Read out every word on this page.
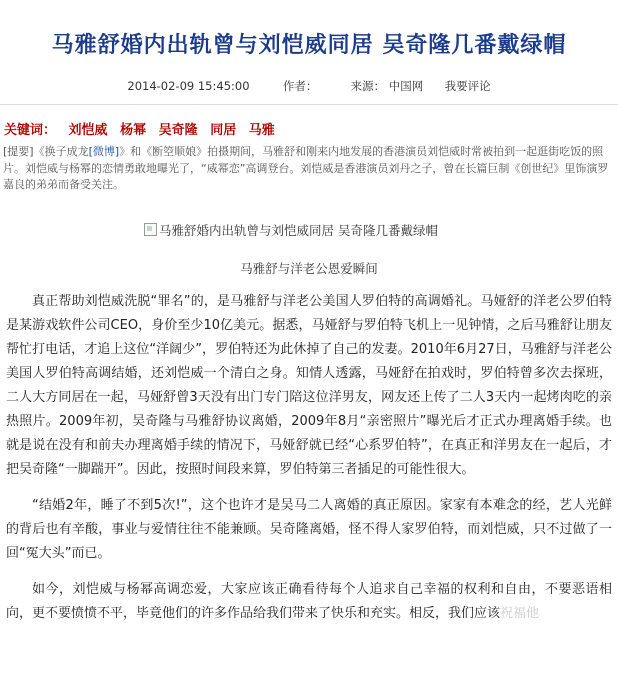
马雅舒婚内出轨曾与刘恺威同居 吴奇隆几番戴绿帽
2014-02-09 15:45:00	作者：	来源： 中国网 我要评论
关键词： 刘恺威 杨幂 吴奇隆 同居 马雅
[提要]《换子成龙[微博]》和《断箜顺娘》拍摄期间，马雅舒和刚来内地发展的香港演员刘恺威时常被拍到一起逛街吃饭的照片。刘恺威与杨幂的恋情勇敢地曝光了，“威幂恋”高调登台。刘恺威是香港演员刘丹之子，曾在长篇巨制《创世纪》里饰演罗嘉良的弟弟而备受关注。
马雅舒婚内出轨曾与刘恺威同居 吴奇隆几番戴绿帽
马雅舒与洋老公恩爱瞬间

真正帮助刘恺威洗脱“罪名”的，是马雅舒与洋老公美国人罗伯特的高调婚礼。马娅舒的洋老公罗伯特是某游戏软件公司CEO，身价至少10亿美元。据悉，马娅舒与罗伯特飞机上一见钟情，之后马雅舒让朋友帮忙打电话，才追上这位“洋阔少”，罗伯特还为此休掉了自己的发妻。2010年6月27日，马雅舒与洋老公美国人罗伯特高调结婚，还刘恺威一个清白之身。知情人透露，马娅舒在拍戏时，罗伯特曾多次去探班，二人大方同居在一起，马娅舒曾3天没有出门专门陪这位洋男友，网友还上传了二人3天内一起烤肉吃的亲热照片。2009年初，吴奇隆与马雅舒协议离婚，2009年8月“亲密照片”曝光后才正式办理离婚手续。也就是说在没有和前夫办理离婚手续的情况下，马娅舒就已经“心系罗伯特”，在真正和洋男友在一起后，才把吴奇隆“一脚踹开”。因此，按照时间段来算，罗伯特第三者插足的可能性很大。

“结婚2年，睡了不到5次!”，这个也许才是吴马二人离婚的真正原因。家家有本难念的经，艺人光鲜的背后也有辛酸，事业与爱情往往不能兼顾。吴奇隆离婚，怪不得人家罗伯特，而刘恺威，只不过做了一回“冤大头”而已。

如今，刘恺威与杨幂高调恋爱，大家应该正确看待每个人追求自己幸福的权利和自由，不要恶语相向，更不要愤愤不平，毕竟他们的许多作品给我们带来了快乐和充实。相反，我们应该祝福他
